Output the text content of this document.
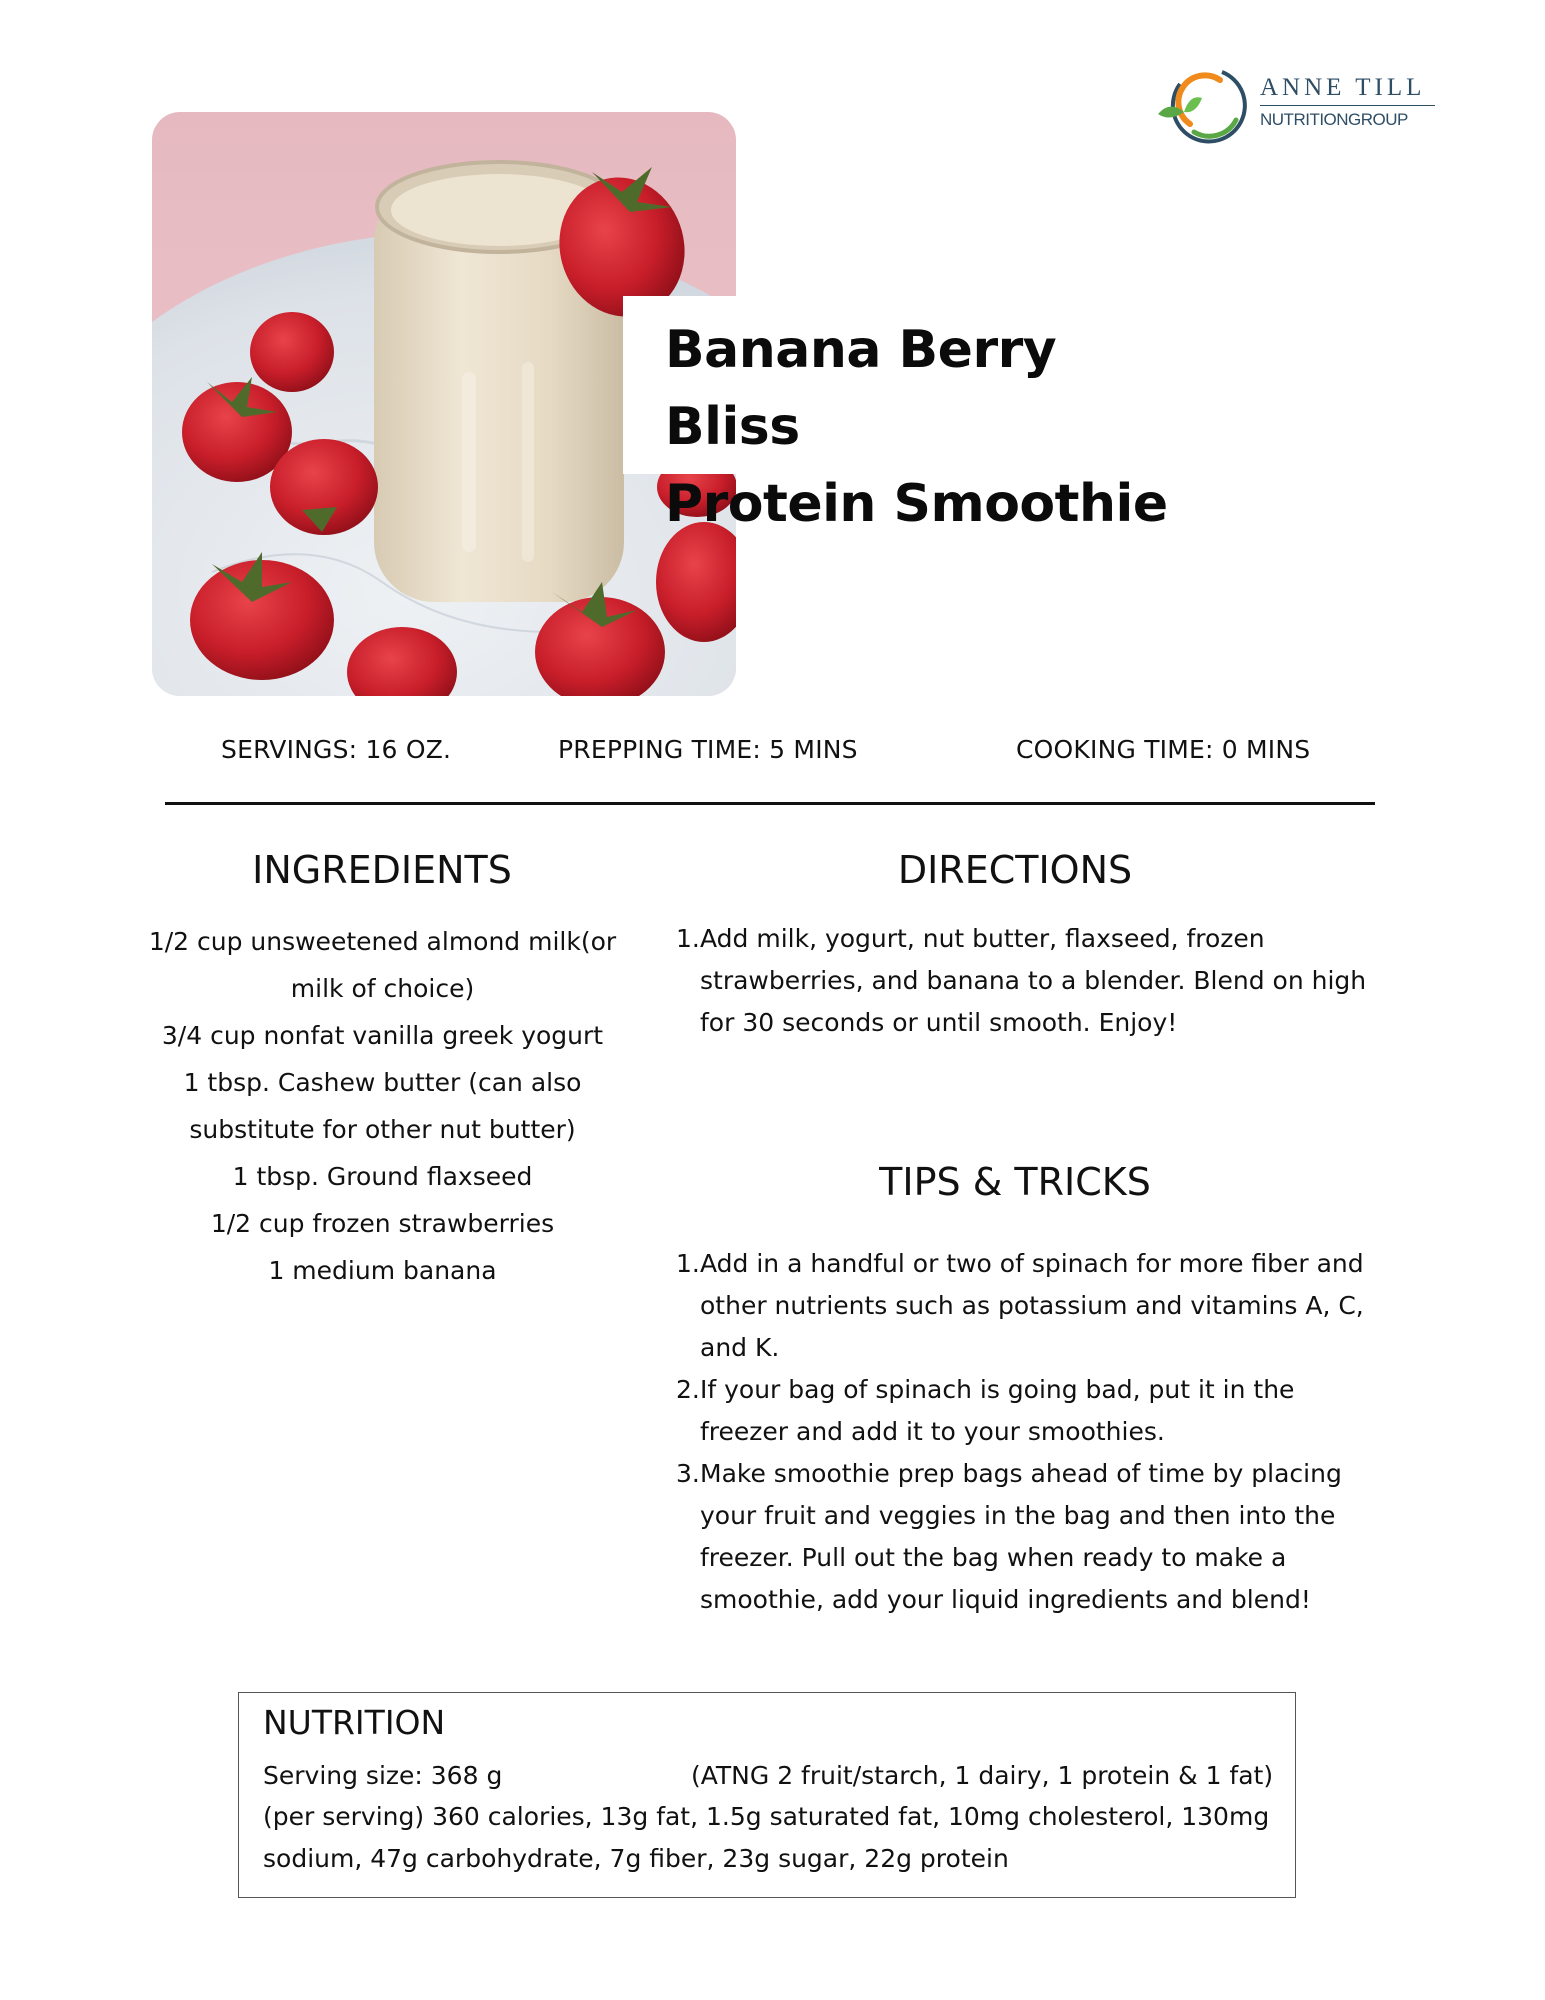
ANNE TILL
NUTRITIONGROUP
Banana Berry Bliss
Protein Smoothie
SERVINGS: 16 OZ.	PREPPING TIME: 5 MINS	COOKING TIME: 0 MINS
INGREDIENTS
1/2 cup unsweetened almond milk(or
milk of choice)
3/4 cup nonfat vanilla greek yogurt
1 tbsp. Cashew butter (can also
substitute for other nut butter)
1 tbsp. Ground flaxseed
1/2 cup frozen strawberries
1 medium banana
DIRECTIONS
1. Add milk, yogurt, nut butter, flaxseed, frozen
strawberries, and banana to a blender. Blend on high
for 30 seconds or until smooth. Enjoy!
TIPS & TRICKS
1. Add in a handful or two of spinach for more fiber and
other nutrients such as potassium and vitamins A, C,
and K.
2. If your bag of spinach is going bad, put it in the
freezer and add it to your smoothies.
3. Make smoothie prep bags ahead of time by placing
your fruit and veggies in the bag and then into the
freezer. Pull out the bag when ready to make a
smoothie, add your liquid ingredients and blend!
NUTRITION
Serving size: 368 g	(ATNG 2 fruit/starch, 1 dairy, 1 protein & 1 fat)
(per serving) 360 calories, 13g fat, 1.5g saturated fat, 10mg cholesterol, 130mg
sodium, 47g carbohydrate, 7g fiber, 23g sugar, 22g protein
